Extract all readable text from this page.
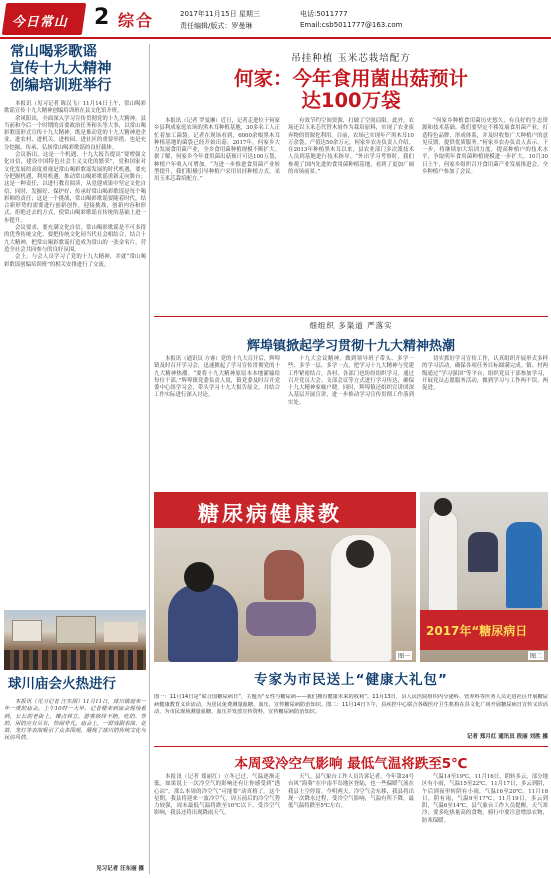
今日常山 2 综合	2017年11月15日 星期三
责任编辑/版式：罗曼琳
电话:5011777
Email:csb5011777@163.com
常山喝彩歌谣
宣传十九大精神
创编培训班举行

本报讯（见习记者 陈汉飞）11月14日上午，常山喝彩歌谣宣传十九大精神创编培训班在县文化馆开班。

余风阳出，全面深入学习宣传贯彻党的十九大精神。县当前和今后一个时期的首要政治任务和头等大事，以常山喝彩歌谣形式宣传十九大精神，既是推动党的十九大精神进企业、进农村、进机关、进校园、进社区的重要举措，也是充分挖掘、传承、弘扬常山喝彩歌谣的良好载体。

会议指出，这是一个机遇，十九大报告提出“要增强文化自信，建设中国特色社会主义文化的繁荣”，党和国家对文化发展的高度重视是常山喝彩歌谣发展的时代机遇，要充分把握机遇，利用机遇，推动常山喝彩歌谣重新走向舞台；这是一种责任，以进行教育阅读，从党建成果中坚定文化自信，同时，发掘好、保护好、传承好常山喝彩歌谣是每个喝彩师的责任；这是一个挑战，常山喝彩歌谣要随着时代，结合新形势的需要进行创新创作，迎接挑战，创新内容和形式，拒绝过去的方式，使常山喝彩歌谣在传统的基础上进一步提升。

会议要求，要充满文化自信，常山喝彩歌谣是不可多得的优秀传统文化，要把传统文化同当代社会相结合，结合十九大精神，把常山喝彩歌谣打造成为常山的一张金名片，营造全社会共同参与的良好氛围。

会上，与会人员学习了党的十九大精神，并就“常山喝彩歌谣创编培训班”的相关安排进行了交流。

球川庙会火热进行

本报讯（见习记者 汪东丽）11月11日，球川镇迎来一年一度的庙会。上午10时一大早，记者便来到庙会现场看到，长长的老街上，摊点林立，游客络绎不绝，吃的、穿的、用的应有尽有，热闹非凡。庙会上，一群戏剧表演、花鼓、龙灯等表演吸引了众多围观，展现了球川的传统文化与民俗风情。

见习记者 汪东丽 摄
吊挂种植 玉米芯栽培配方
何家：今年食用菌出菇预计
达100万袋

本报讯（记者 罗曼琳）近日，记者走进位于何家乡县利成家庭农场的黑木耳种植基地，30多名工人正忙着加工菌袋。记者在现场看到，6000余根黑木耳种植基地的菌袋已经开始出菇。2017年，何家乡大力发展食用菌产业，全乡食用菌种植规模不断扩大。据了解，何家乡今年食用菌出菇预计可达100万袋，种植户年收入可增加。“为进一步推进食用菌产业转型提升，我们积极引导种植户采用吊挂种植方式，采用玉米芯栽培配方。”

有效节约空间资源，打破了空间局限。此外，农场还以玉米芯代替木屑作为栽培原料，实现了农业废弃物的资源化利用。目前，农场已实现年产黑木耳10万余袋，产值达50余万元。何家乡农办负责人介绍，在2013年种植黑木耳以来，县农业部门多次派技术人员到基地进行技术指导。“外出学习考察时，我们参观了国内先进的食用菌种植基地，看到了更加广阔的市场前景。”

“何家乡种植食用菌历史悠久，有良好的生态资源和技术基础。我们要坚定不移发展食用菌产业，打造特色品牌，形成体系，并及时收集广大种植户的意见反馈，提供优质服务。”何家乡农办负责人表示，下一步，将继续加大培训力度，提高种植户的技术水平，争取明年食用菌种植规模进一步扩大。10月30日上午，何家乡组织召开食用菌产业发展推进会，全乡种植户参加了会议。

细组织 多渠道 严落实
辉埠镇掀起学习贯彻十九大精神热潮

本报讯（通讯员 方睿）党的十九大召开后，辉埠镇及时召开学习会，迅速掀起了学习宣传贯彻党的十九大精神热潮。“要将十九大精神原原本本地灌输给每位干部。”辉埠镇党委负责人说，镇党委及时召开党委中心组学习会，带头学习十九大报告原文，并结合工作实际进行深入讨论。

十九大会议精神，做到领导班子带头、多学一些、多学一层、多学一点，把学习十九大精神与党建工作紧密结合。各村、各部门也纷纷组织学习，通过召开党员大会、支部会议等方式进行学习传达，确保十九大精神家喻户晓。同时，辉埠镇还组织宣讲团深入基层开展宣讲，进一步推动学习宣传贯彻工作落到实处。

切实抓好学习宣传工作，认真组织开展形式多样的学习活动，确保各项任务目标圆满完成。镇、村两级通过“学习强国”等平台，组织党员干部参加学习，开展党员志愿服务活动，做到学习与工作两不误、两促进。

糖尿病健康教
图一
2017年“糖尿病日
图二
专家为市民送上“健康大礼包”
图一：11月14日是“联合国糖尿病日”，主题为“女性与糖尿病——我们拥有健康未来的权利”。11月13日，县人民医院组织内分泌科、营养科等医务人员走进社区开展糖尿病健康教育义诊活动，为居民免费测量血糖、血压，宣传糖尿病防治知识。图二：11月14日下午，县疾控中心联合各级医疗卫生机构在县文化广场开展糖尿病日宣传义诊活动，为市民现场测量血糖、血压并发放宣传资料，宣传糖尿病防治知识。
记者 郑月红 通讯员 段丽 刘胜 摄
本周受冷空气影响 最低气温将跌至5℃

本报讯（记者 郑丽红）立冬已过，气温逐渐走低。如果说上一次冷空气的影响还有让你感受到“透心凉”，那么本周的冷空气“可能要”动真格了。这个星期，我县将迎来一波冷空气，周五前后的冷空气势力较强，周末最低气温将跌至10℃以下。受冷空气影响，我县还将出现降雨天气。

天气。县气象台工作人员告诉记者，今年第24号台风“海葵”在中南半岛地区登陆，也一些偏暖气流在我县上空停留。今明两天，冷空气会东移，我县将出现一次降水过程，受冷空气影响，气温有所下降，最低气温将跌至5℃左右。

气温14至19℃。11月16日，阴转多云，部分地区有小雨，气温15至22℃。11月17日，多云到阴，午后到夜里转阴有小雨，气温16至20℃。11月18日，阴有雨，气温9至17℃。11月19日，多云到阴，气温6至14℃。县气象台工作人员提醒，天气寒冷，要多吃热量高的食物，骑行中要注意增添衣物，防寒保暖。
